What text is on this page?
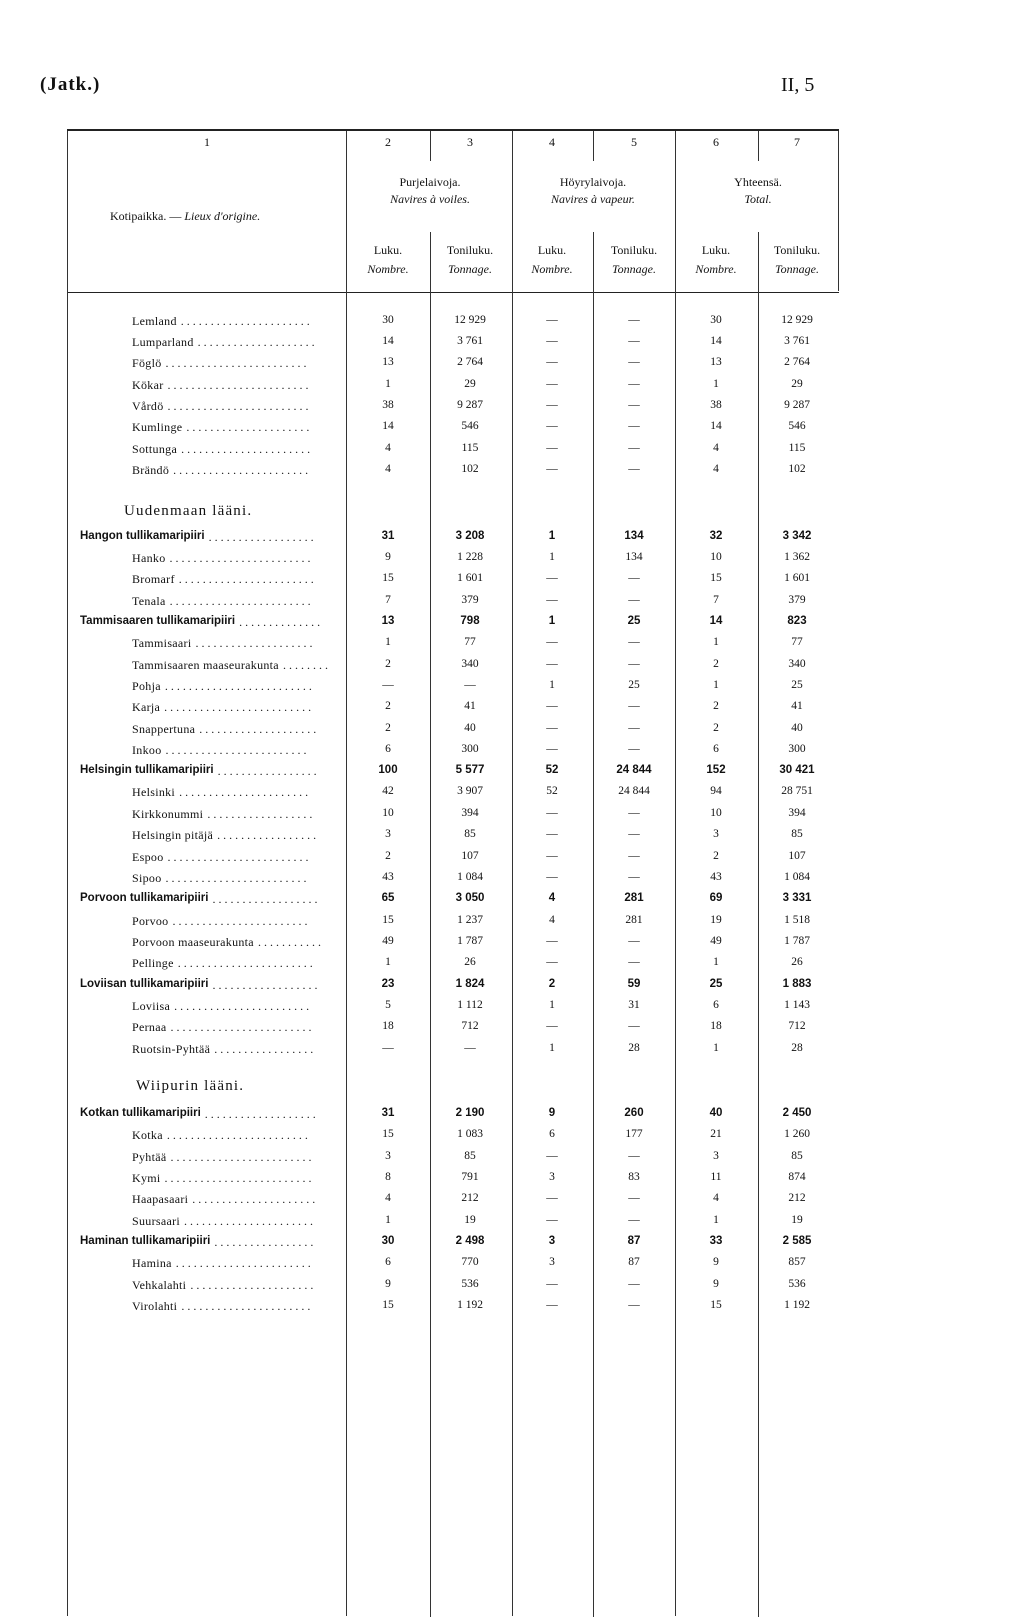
(Jatk.)	II, 5
1	2	3	4	5	6	7
Kotipaikka. — Lieux d'origine.
Purjelaivoja.
Navires à voiles.
Höyrylaivoja.
Navires à vapeur.
Yhteensä.
Total.
Luku.
Nombre.
Toniluku.
Tonnage.
Luku.
Nombre.
Toniluku.
Tonnage.
Luku.
Nombre.
Toniluku.
Tonnage.
Uudenmaan lääni.
Wiipurin lääni.
Lemland ......................	30	12 929	—	—	30	12 929
Lumparland ....................	14	3 761	—	—	14	3 761
Föglö ........................	13	2 764	—	—	13	2 764
Kökar ........................	1	29	—	—	1	29
Vårdö ........................	38	9 287	—	—	38	9 287
Kumlinge .....................	14	546	—	—	14	546
Sottunga ......................	4	115	—	—	4	115
Brändö .......................	4	102	—	—	4	102
Hangon tullikamaripiiri ..................	31	3 208	1	134	32	3 342
Hanko ........................	9	1 228	1	134	10	1 362
Bromarf .......................	15	1 601	—	—	15	1 601
Tenala ........................	7	379	—	—	7	379
Tammisaaren tullikamaripiiri ..............	13	798	1	25	14	823
Tammisaari ....................	1	77	—	—	1	77
Tammisaaren maaseurakunta ........	2	340	—	—	2	340
Pohja .........................	—	—	1	25	1	25
Karja .........................	2	41	—	—	2	41
Snappertuna ....................	2	40	—	—	2	40
Inkoo ........................	6	300	—	—	6	300
Helsingin tullikamaripiiri .................	100	5 577	52	24 844	152	30 421
Helsinki ......................	42	3 907	52	24 844	94	28 751
Kirkkonummi ..................	10	394	—	—	10	394
Helsingin pitäjä .................	3	85	—	—	3	85
Espoo ........................	2	107	—	—	2	107
Sipoo ........................	43	1 084	—	—	43	1 084
Porvoon tullikamaripiiri ..................	65	3 050	4	281	69	3 331
Porvoo .......................	15	1 237	4	281	19	1 518
Porvoon maaseurakunta ...........	49	1 787	—	—	49	1 787
Pellinge .......................	1	26	—	—	1	26
Loviisan tullikamaripiiri ..................	23	1 824	2	59	25	1 883
Loviisa .......................	5	1 112	1	31	6	1 143
Pernaa ........................	18	712	—	—	18	712
Ruotsin-Pyhtää .................	—	—	1	28	1	28
Kotkan tullikamaripiiri ...................	31	2 190	9	260	40	2 450
Kotka ........................	15	1 083	6	177	21	1 260
Pyhtää ........................	3	85	—	—	3	85
Kymi .........................	8	791	3	83	11	874
Haapasaari .....................	4	212	—	—	4	212
Suursaari ......................	1	19	—	—	1	19
Haminan tullikamaripiiri .................	30	2 498	3	87	33	2 585
Hamina .......................	6	770	3	87	9	857
Vehkalahti .....................	9	536	—	—	9	536
Virolahti ......................	15	1 192	—	—	15	1 192
